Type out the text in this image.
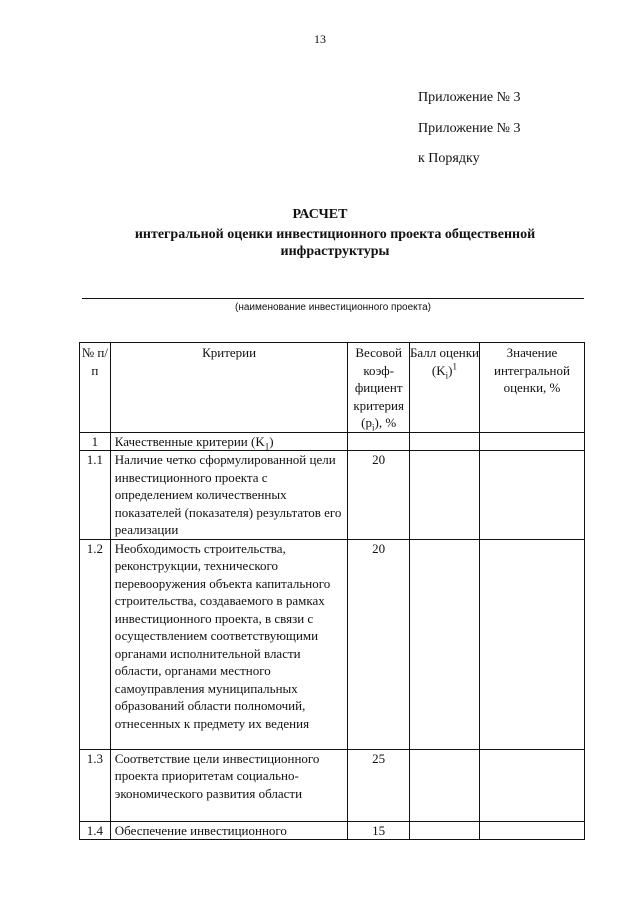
13
Приложение № 3
Приложение № 3
к Порядку
РАСЧЕТ
интегральной оценки инвестиционного проекта общественной инфраструктуры
(наименование инвестиционного проекта)
№ п/п	Критерии	Весовой коэф-фициент критерия $(p_i)$, %	Балл оценки $(K_i)^1$	Значение интегральной оценки, %
1	Качественные критерии $(K_1)$			
1.1	Наличие четко сформулированной цели инвестиционного проекта с определением количественных показателей (показателя) результатов его реализации	20		
1.2	Необходимость строительства, реконструкции, технического перевооружения объекта капитального строительства, создаваемого в рамках инвестиционного проекта, в связи с осуществлением соответствующими органами исполнительной власти области, органами местного самоуправления муниципальных образований области полномочий, отнесенных к предмету их ведения	20		
1.3	Соответствие цели инвестиционного проекта приоритетам социально-экономического развития области	25		
1.4	Обеспечение инвестиционного	15		
